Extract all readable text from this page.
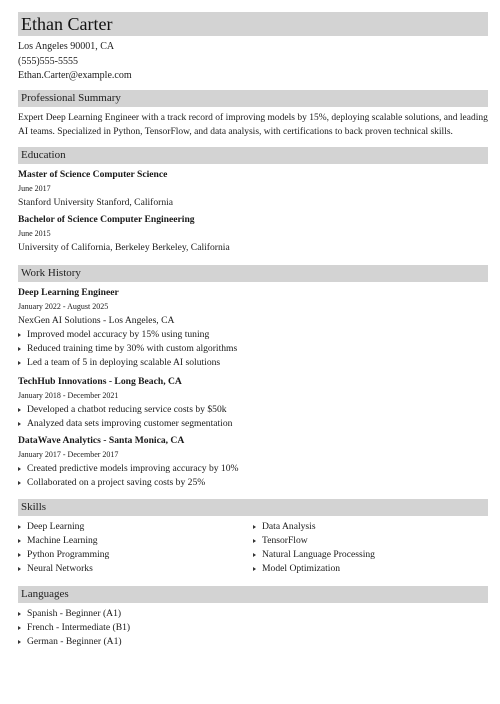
Ethan Carter
Los Angeles 90001, CA
(555)555-5555
Ethan.Carter@example.com
Professional Summary
Expert Deep Learning Engineer with a track record of improving models by 15%, deploying scalable solutions, and leading AI teams. Specialized in Python, TensorFlow, and data analysis, with certifications to back proven technical skills.
Education
Master of Science Computer Science
June 2017
Stanford University Stanford, California
Bachelor of Science Computer Engineering
June 2015
University of California, Berkeley Berkeley, California
Work History
Deep Learning Engineer
January 2022 - August 2025
NexGen AI Solutions - Los Angeles, CA
Improved model accuracy by 15% using tuning
Reduced training time by 30% with custom algorithms
Led a team of 5 in deploying scalable AI solutions
TechHub Innovations - Long Beach, CA
January 2018 - December 2021
Developed a chatbot reducing service costs by $50k
Analyzed data sets improving customer segmentation
DataWave Analytics - Santa Monica, CA
January 2017 - December 2017
Created predictive models improving accuracy by 10%
Collaborated on a project saving costs by 25%
Skills
Deep Learning
Machine Learning
Python Programming
Neural Networks
Data Analysis
TensorFlow
Natural Language Processing
Model Optimization
Languages
Spanish - Beginner (A1)
French - Intermediate (B1)
German - Beginner (A1)
